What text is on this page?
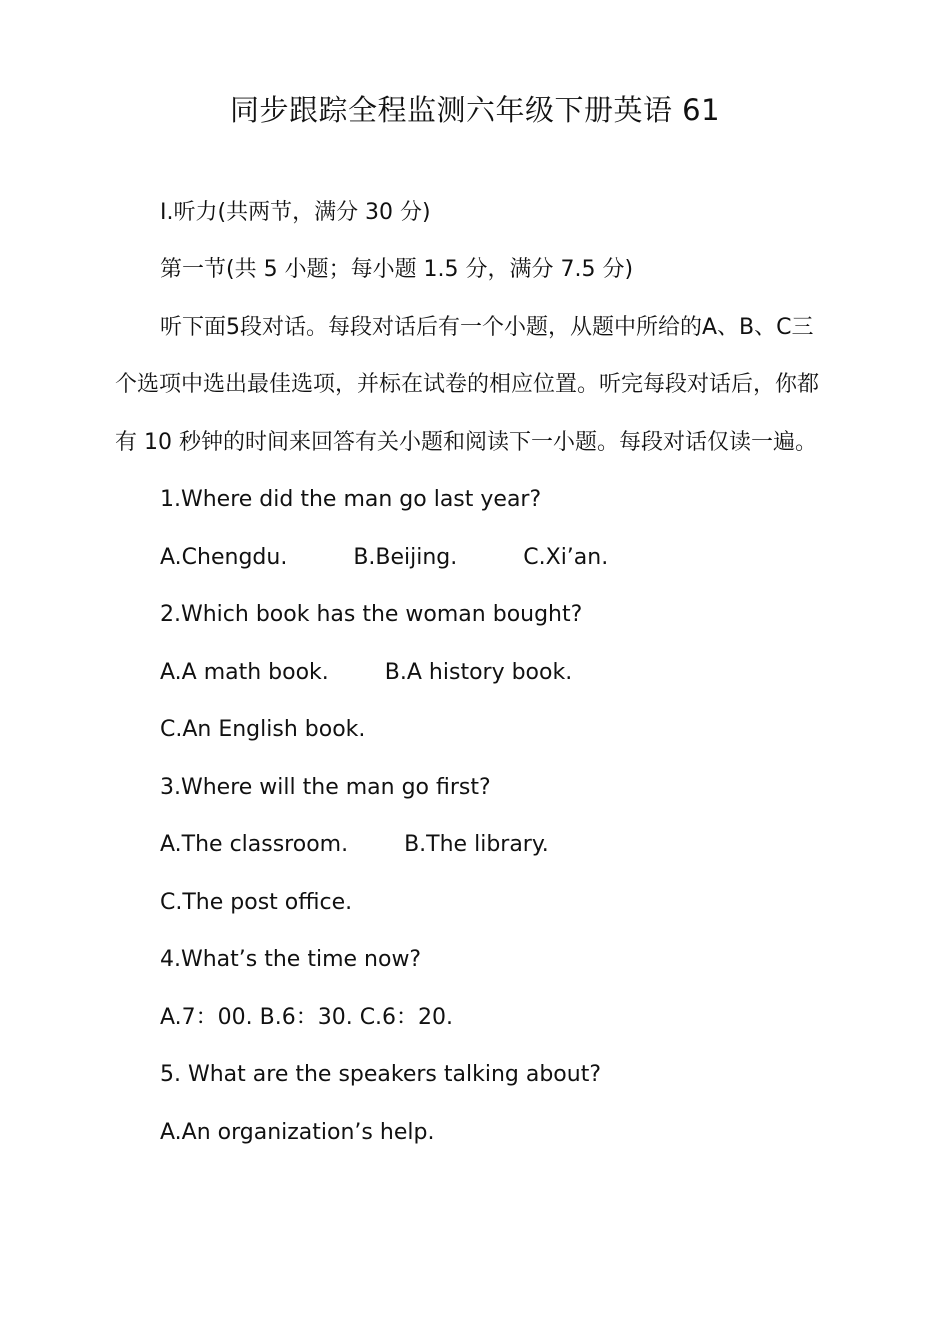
同步跟踪全程监测六年级下册英语 61
Ⅰ.听力(共两节，满分 30 分)
第一节(共 5 小题；每小题 1.5 分，满分 7.5 分)
听下面5段对话。每段对话后有一个小题，从题中所给的A、B、C三
个选项中选出最佳选项，并标在试卷的相应位置。听完每段对话后，你都
有 10 秒钟的时间来回答有关小题和阅读下一小题。每段对话仅读一遍。
1.Where did the man go last year?
A.Chengdu.	B.Beijing.	C.Xi’an.
2.Which book has the woman bought?
A.A math book.	B.A history book.
C.An English book.
3.Where will the man go first?
A.The classroom.	B.The library.
C.The post office.
4.What’s the time now?
A.7：00. B.6：30. C.6：20.
5. What are the speakers talking about?
A.An organization’s help.
